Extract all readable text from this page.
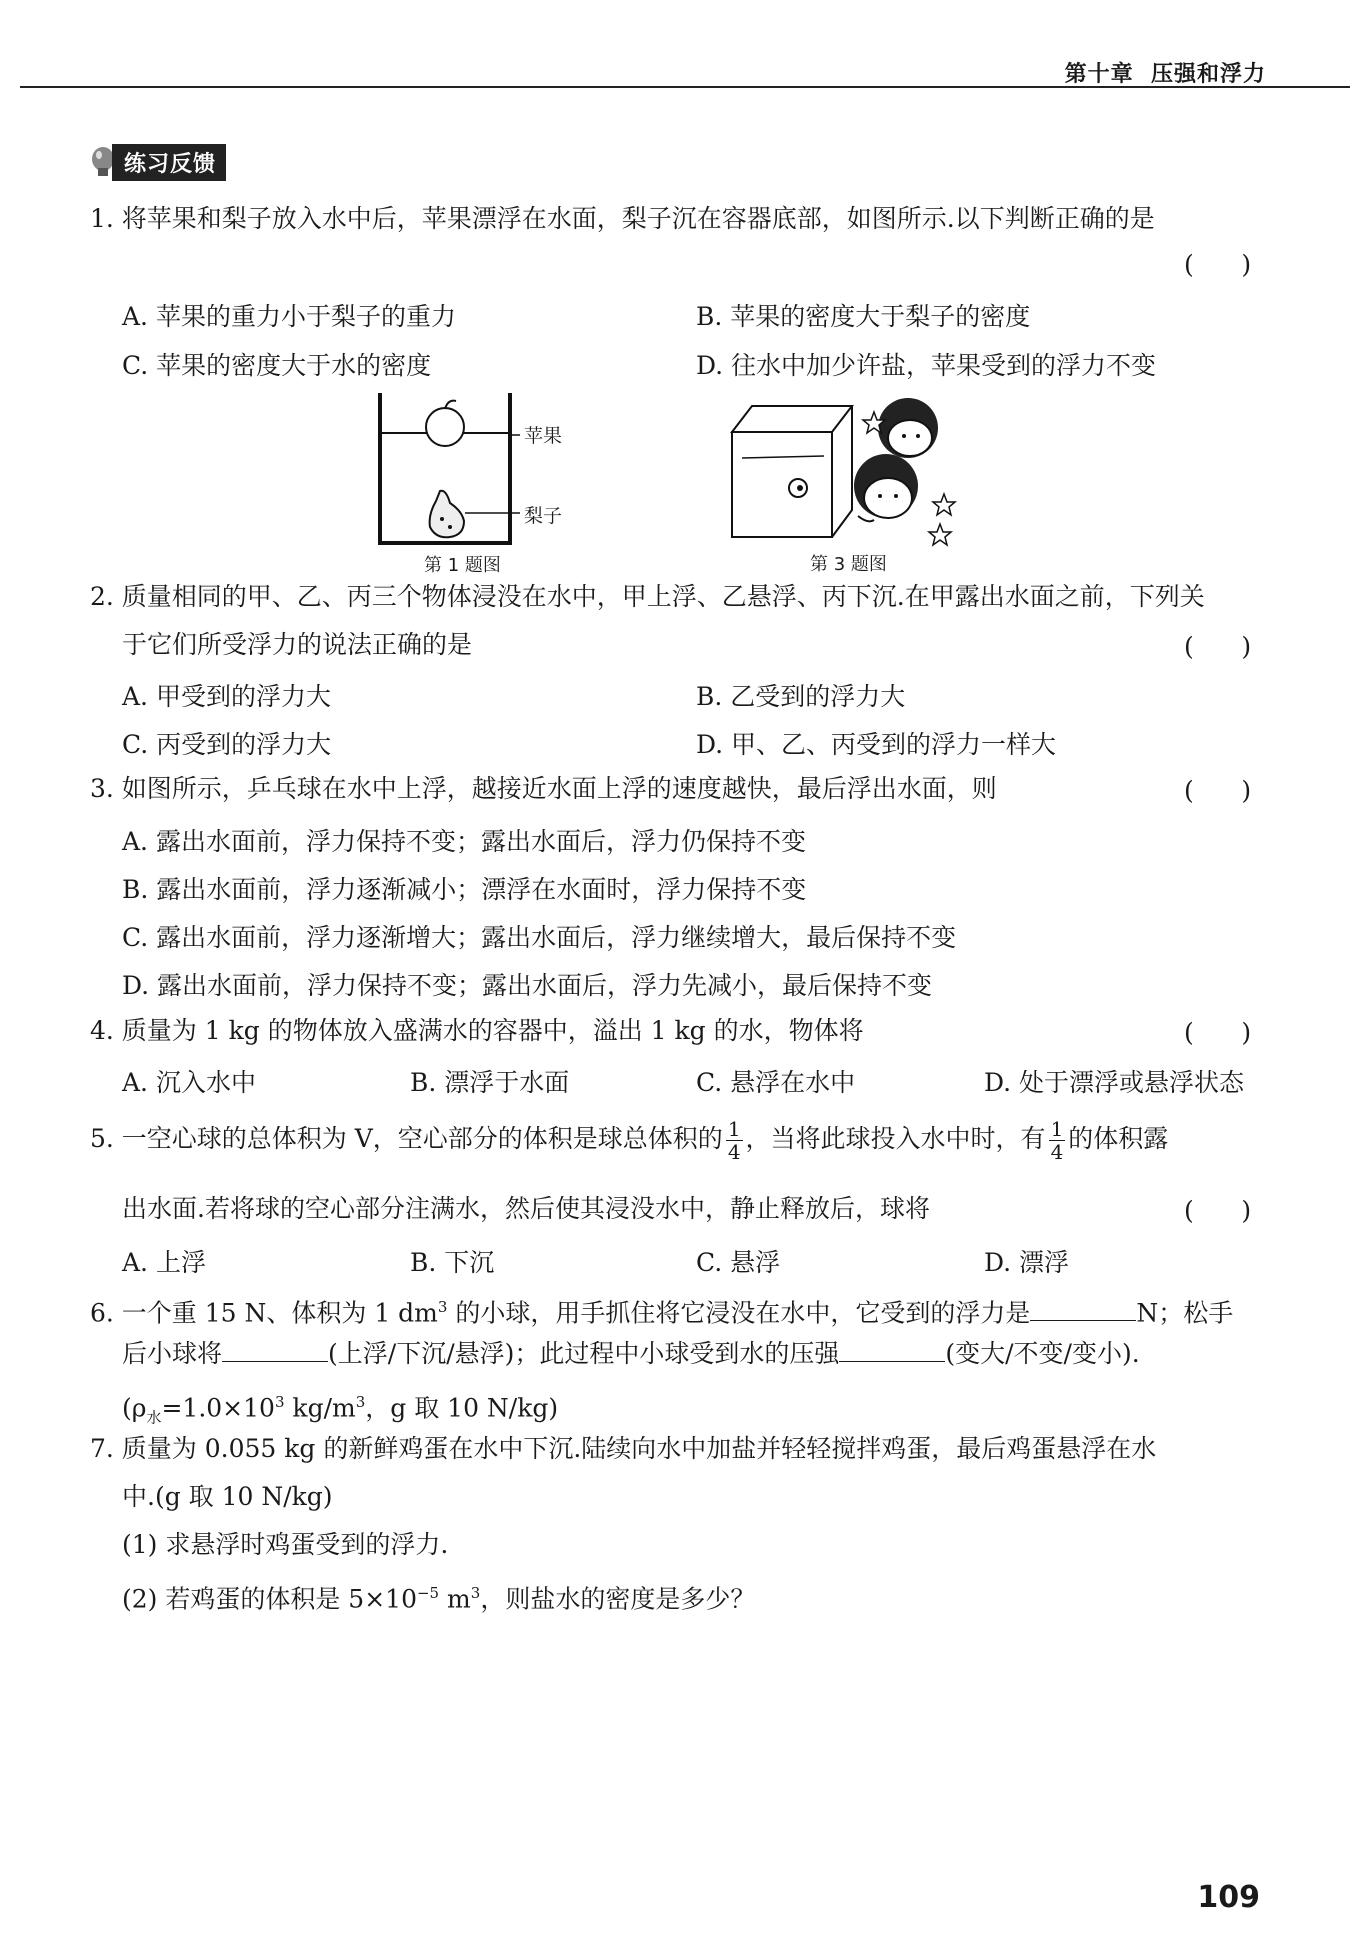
第十章 压强和浮力
练习反馈
1. 将苹果和梨子放入水中后，苹果漂浮在水面，梨子沉在容器底部，如图所示.以下判断正确的是
(      )
A. 苹果的重力小于梨子的重力	B. 苹果的密度大于梨子的密度
C. 苹果的密度大于水的密度	D. 往水中加少许盐，苹果受到的浮力不变
苹果
梨子
第 1 题图	第 3 题图
2. 质量相同的甲、乙、丙三个物体浸没在水中，甲上浮、乙悬浮、丙下沉.在甲露出水面之前，下列关
于它们所受浮力的说法正确的是	(      )
A. 甲受到的浮力大	B. 乙受到的浮力大
C. 丙受到的浮力大	D. 甲、乙、丙受到的浮力一样大
3. 如图所示，乒乓球在水中上浮，越接近水面上浮的速度越快，最后浮出水面，则	(      )
A. 露出水面前，浮力保持不变；露出水面后，浮力仍保持不变
B. 露出水面前，浮力逐渐减小；漂浮在水面时，浮力保持不变
C. 露出水面前，浮力逐渐增大；露出水面后，浮力继续增大，最后保持不变
D. 露出水面前，浮力保持不变；露出水面后，浮力先减小，最后保持不变
4. 质量为 1 kg 的物体放入盛满水的容器中，溢出 1 kg 的水，物体将	(      )
A. 沉入水中	B. 漂浮于水面	C. 悬浮在水中	D. 处于漂浮或悬浮状态
5. 一空心球的总体积为 V，空心部分的体积是球总体积的 $\frac{1}{4}$ ，当将此球投入水中时，有 $\frac{1}{4}$ 的体积露
出水面.若将球的空心部分注满水，然后使其浸没水中，静止释放后，球将	(      )
A. 上浮	B. 下沉	C. 悬浮	D. 漂浮
6. 一个重 15 N、体积为 1 $dm^3$ 的小球，用手抓住将它浸没在水中，它受到的浮力是	N；松手
后小球将	(上浮/下沉/悬浮)；此过程中小球受到水的压强	(变大/不变/变小).
($\rho_水=1.0\times 10^3$ $kg/m^3$，g 取 10 N/kg)
7. 质量为 0.055 kg 的新鲜鸡蛋在水中下沉.陆续向水中加盐并轻轻搅拌鸡蛋，最后鸡蛋悬浮在水
中.(g 取 10 N/kg)
(1) 求悬浮时鸡蛋受到的浮力.
(2) 若鸡蛋的体积是 $5\times 10^{-5}$ $m^3$，则盐水的密度是多少？
109
